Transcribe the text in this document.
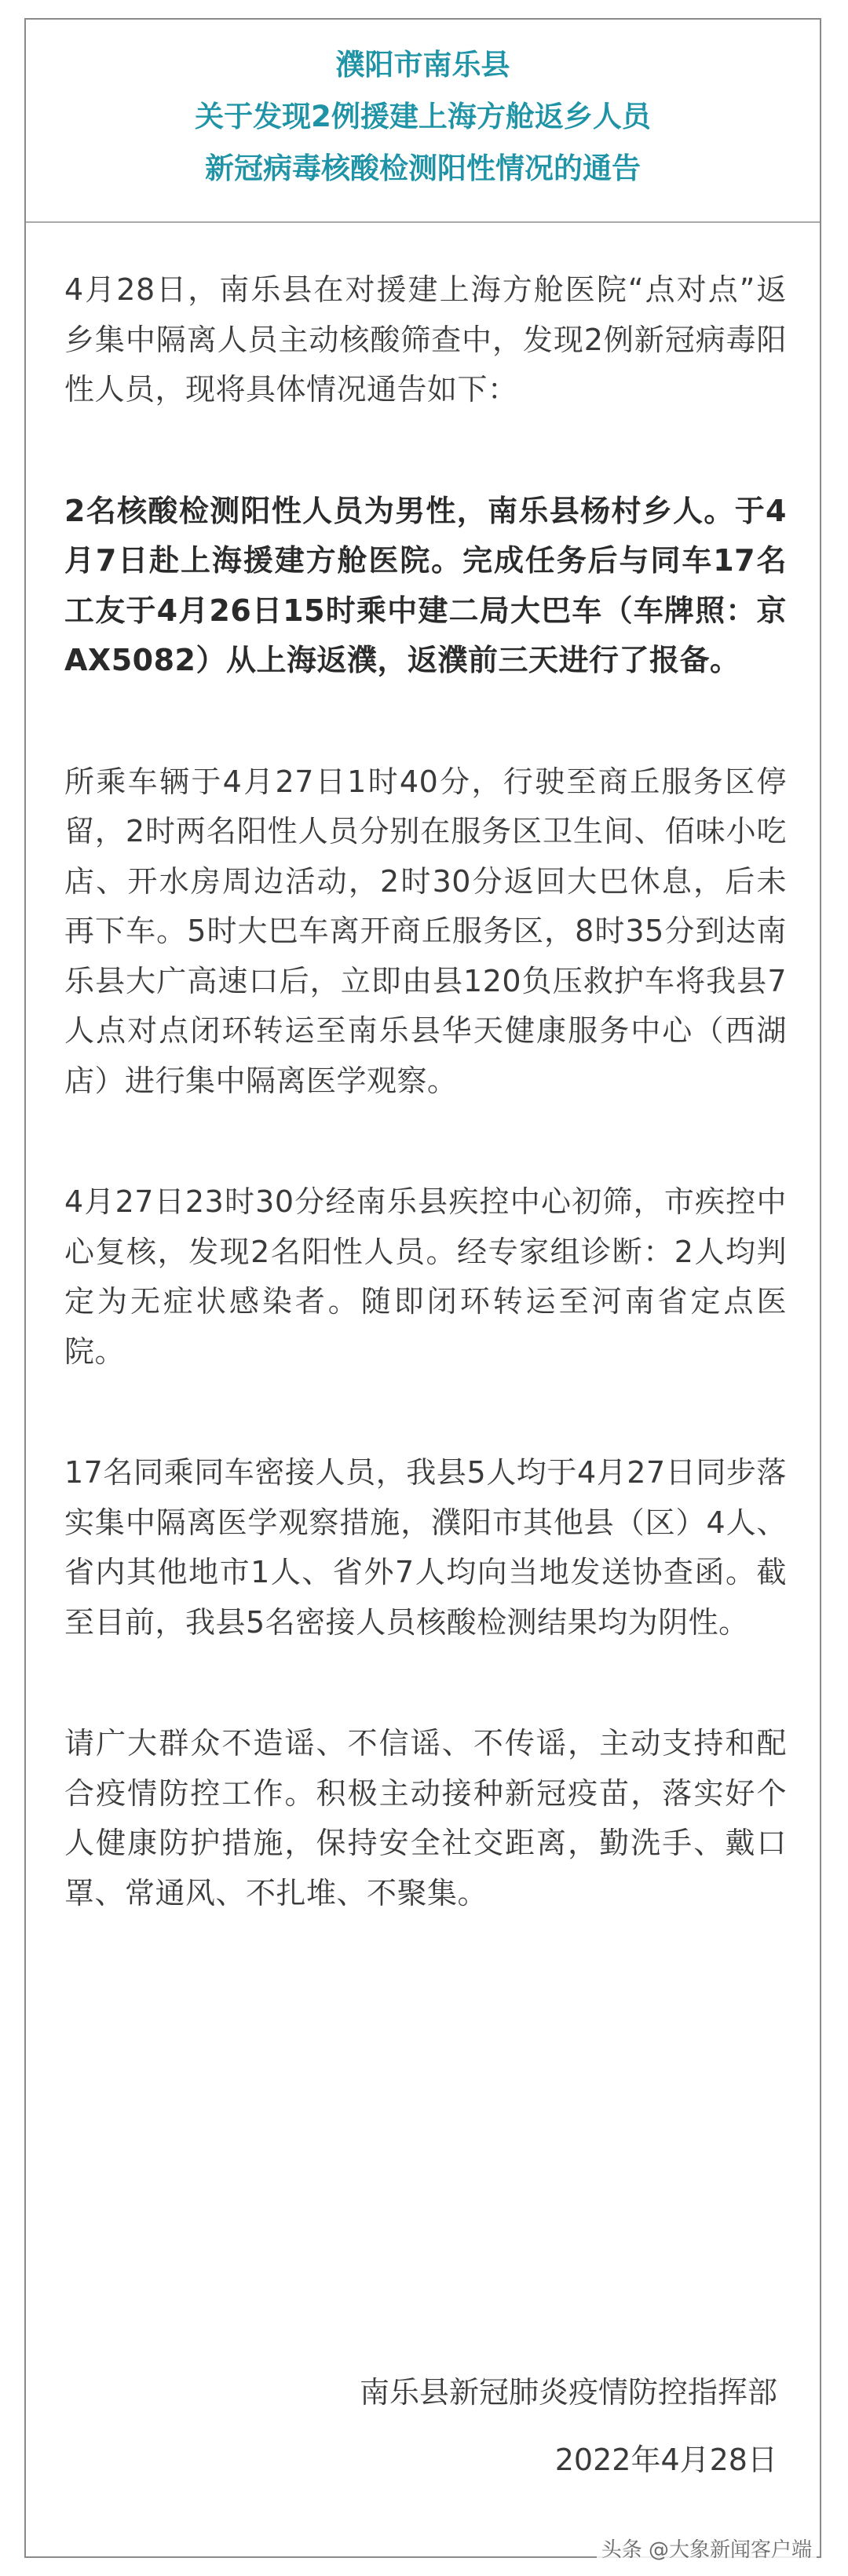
濮阳市南乐县
关于发现2例援建上海方舱返乡人员
新冠病毒核酸检测阳性情况的通告

4月28日，南乐县在对援建上海方舱医院“点对点”返乡集中隔离人员主动核酸筛查中，发现2例新冠病毒阳性人员，现将具体情况通告如下：

2名核酸检测阳性人员为男性，南乐县杨村乡人。于4月7日赴上海援建方舱医院。完成任务后与同车17名工友于4月26日15时乘中建二局大巴车（车牌照：京AX5082）从上海返濮，返濮前三天进行了报备。

所乘车辆于4月27日1时40分，行驶至商丘服务区停留，2时两名阳性人员分别在服务区卫生间、佰味小吃店、开水房周边活动，2时30分返回大巴休息，后未再下车。5时大巴车离开商丘服务区，8时35分到达南乐县大广高速口后，立即由县120负压救护车将我县7人点对点闭环转运至南乐县华天健康服务中心（西湖店）进行集中隔离医学观察。

4月27日23时30分经南乐县疾控中心初筛，市疾控中心复核，发现2名阳性人员。经专家组诊断：2人均判定为无症状感染者。随即闭环转运至河南省定点医院。

17名同乘同车密接人员，我县5人均于4月27日同步落实集中隔离医学观察措施，濮阳市其他县（区）4人、省内其他地市1人、省外7人均向当地发送协查函。截至目前，我县5名密接人员核酸检测结果均为阴性。

请广大群众不造谣、不信谣、不传谣，主动支持和配合疫情防控工作。积极主动接种新冠疫苗，落实好个人健康防护措施，保持安全社交距离，勤洗手、戴口罩、常通风、不扎堆、不聚集。

南乐县新冠肺炎疫情防控指挥部
2022年4月28日
头条 @大象新闻客户端
